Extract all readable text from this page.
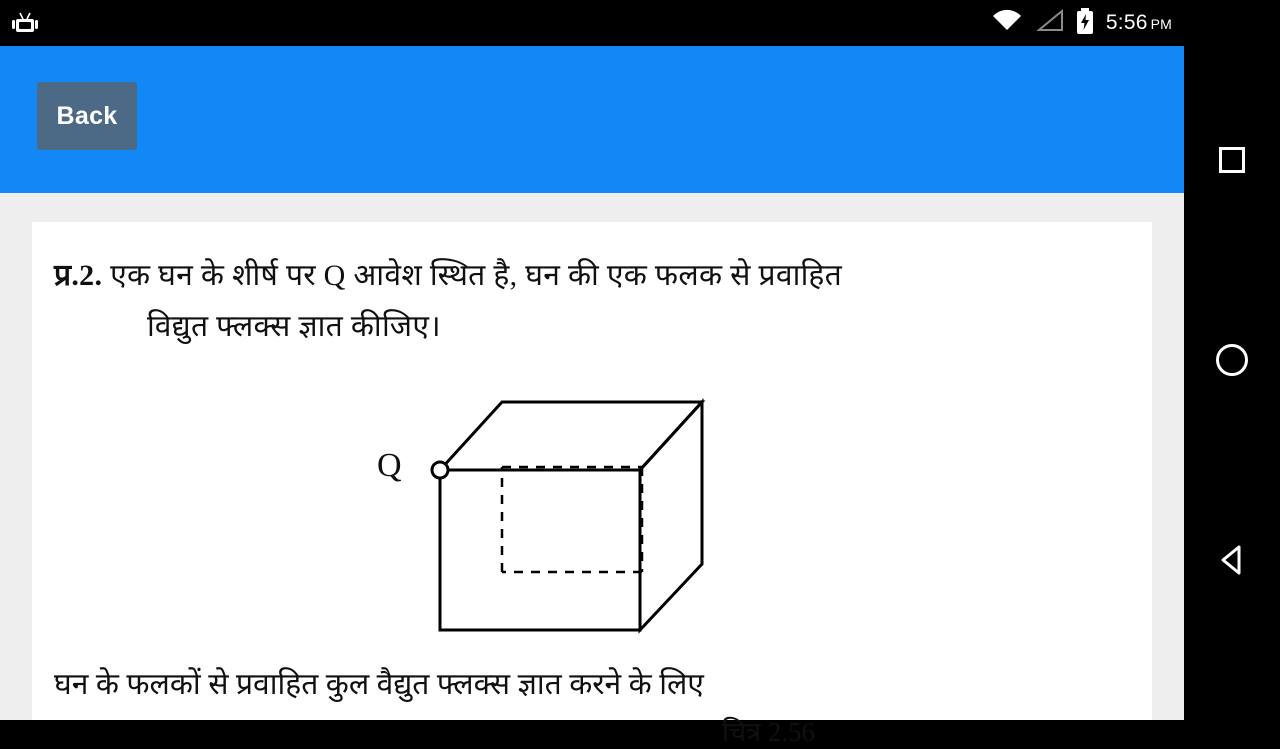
5:56 PM
Back
प्र.2. एक घन के शीर्ष पर Q आवेश स्थित है, घन की एक फलक से प्रवाहित
विद्युत फ्लक्स ज्ञात कीजिए।
Q
चित्र 2.56
घन के फलकों से प्रवाहित कुल वैद्युत फ्लक्स ज्ञात करने के लिए
